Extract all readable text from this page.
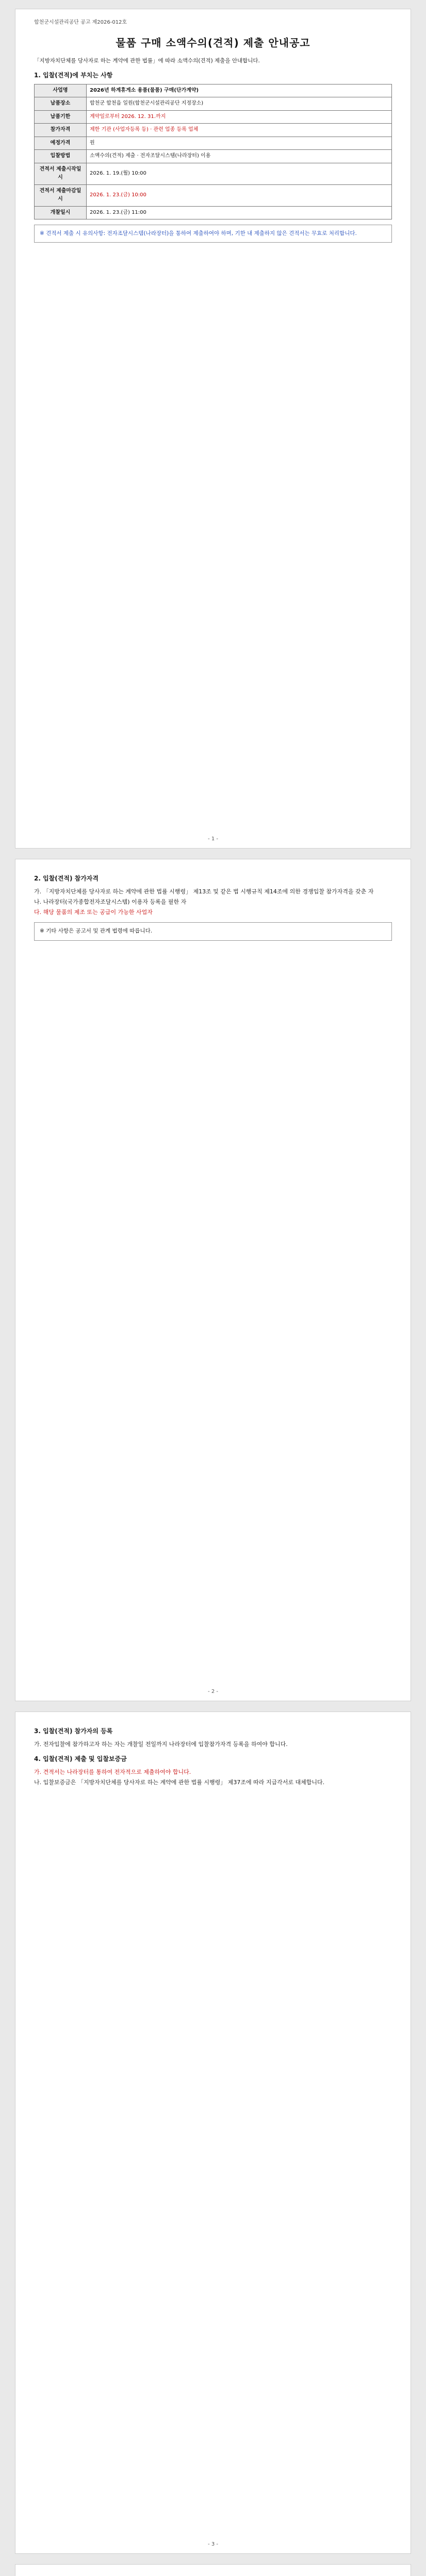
합천군시설관리공단 공고 제2026-012호
물품 구매 소액수의(견적) 제출 안내공고
「지방자치단체를 당사자로 하는 계약에 관한 법률」에 따라 소액수의(견적) 제출을 안내합니다.
1. 입찰(견적)에 부치는 사항
사업명	2026년 하계휴게소 용품(물품) 구매(단가계약)
납품장소	합천군 합천읍 일원(합천군시설관리공단 지정장소)
납품기한	계약일로부터 2026. 12. 31.까지
참가자격	제한 기관 (사업자등록 등) · 관련 업종 등록 업체
예정가격	원
입찰방법	소액수의(견적) 제출 · 전자조달시스템(나라장터) 이용
견적서 제출시작일시	2026. 1. 19.(월) 10:00
견적서 제출마감일시	2026. 1. 23.(금) 10:00
개찰일시	2026. 1. 23.(금) 11:00
※ 견적서 제출 시 유의사항: 전자조달시스템(나라장터)을 통하여 제출하여야 하며, 기한 내 제출하지 않은 견적서는 무효로 처리합니다.
- 1 -
2. 입찰(견적) 참가자격
가. 「지방자치단체를 당사자로 하는 계약에 관한 법률 시행령」 제13조 및 같은 법 시행규칙 제14조에 의한 경쟁입찰 참가자격을 갖춘 자
나. 나라장터(국가종합전자조달시스템) 이용자 등록을 필한 자
다. 해당 물품의 제조 또는 공급이 가능한 사업자
※ 기타 사항은 공고서 및 관계 법령에 따릅니다.
- 2 -
3. 입찰(견적) 참가자의 등록
가. 전자입찰에 참가하고자 하는 자는 개찰일 전일까지 나라장터에 입찰참가자격 등록을 하여야 합니다.
4. 입찰(견적) 제출 및 입찰보증금
가. 견적서는 나라장터를 통하여 전자적으로 제출하여야 합니다.
나. 입찰보증금은 「지방자치단체를 당사자로 하는 계약에 관한 법률 시행령」 제37조에 따라 지급각서로 대체합니다.
- 3 -
